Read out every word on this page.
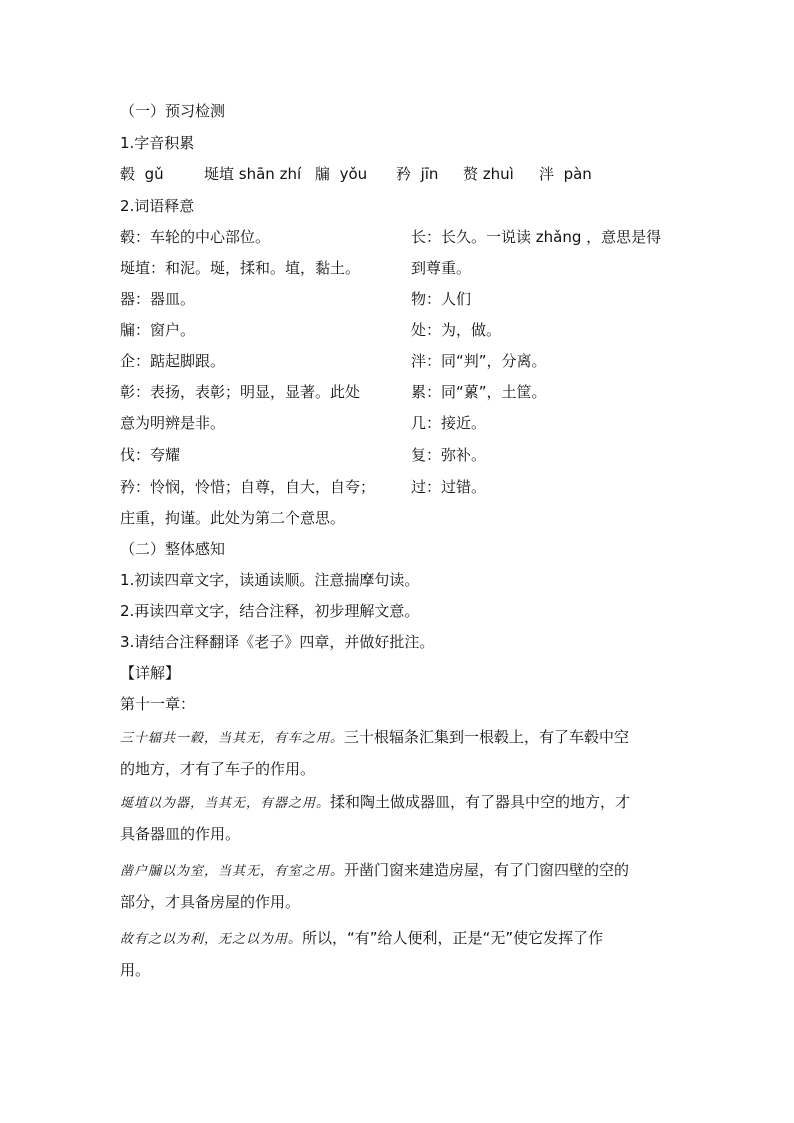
（一）预习检测
1.字音积累
毂 gǔ	埏埴 shān zhí 牖 yǒu 矜 jīn 赘 zhuì 泮 pàn
2.词语释意
毂：车轮的中心部位。
埏埴：和泥。埏，揉和。埴，黏土。
器：器皿。
牖：窗户。
企：踮起脚跟。
彰：表扬，表彰；明显，显著。此处
意为明辨是非。
伐：夸耀
矜：怜悯，怜惜；自尊，自大，自夸；
庄重，拘谨。此处为第二个意思。
长：长久。一说读 zhǎng ，意思是得
到尊重。
物：人们
处：为，做。
泮：同“判”，分离。
累：同“蔂”，土筐。
几：接近。
复：弥补。
过：过错。
（二）整体感知
1.初读四章文字，读通读顺。注意揣摩句读。
2.再读四章文字，结合注释，初步理解文意。
3.请结合注释翻译《老子》四章，并做好批注。
【详解】
第十一章：
三十辐共一毂，当其无，有车之用。三十根辐条汇集到一根毂上，有了车毂中空
的地方，才有了车子的作用。
埏埴以为器，当其无，有器之用。揉和陶土做成器皿，有了器具中空的地方，才
具备器皿的作用。
凿户牖以为室，当其无，有室之用。开凿门窗来建造房屋，有了门窗四壁的空的
部分，才具备房屋的作用。
故有之以为利，无之以为用。所以，“有”给人便利，正是“无”使它发挥了作
用。
